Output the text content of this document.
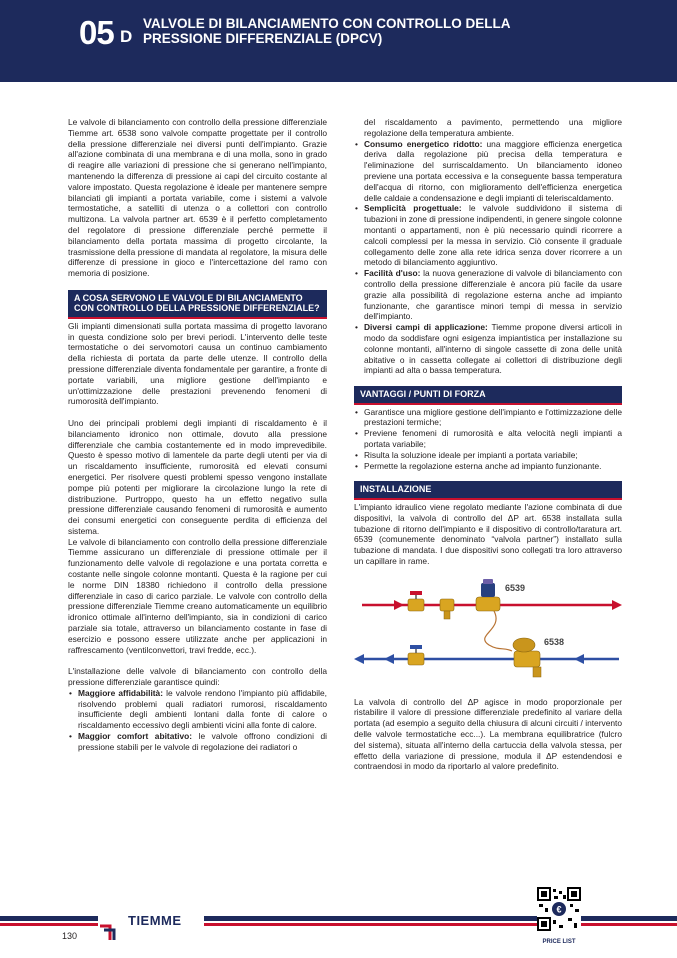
05 D
VALVOLE DI BILANCIAMENTO CON CONTROLLO DELLA PRESSIONE DIFFERENZIALE (DPCV)

Le valvole di bilanciamento con controllo della pressione differenziale Tiemme art. 6538 sono valvole compatte progettate per il controllo della pressione differenziale nei diversi punti dell'impianto. Grazie all'azione combinata di una membrana e di una molla, sono in grado di reagire alle variazioni di pressione che si generano nell'impianto, mantenendo la differenza di pressione ai capi del circuito costante al valore impostato. Questa regolazione è ideale per mantenere sempre bilanciati gli impianti a portata variabile, come i sistemi a valvole termostatiche, a satelliti di utenza o a collettori con controllo multizona. La valvola partner art. 6539 è il perfetto completamento del regolatore di pressione differenziale perché permette il bilanciamento della portata massima di progetto circolante, la trasmissione della pressione di mandata al regolatore, la misura delle differenze di pressione in gioco e l'intercettazione del ramo con memoria di posizione.

A COSA SERVONO LE VALVOLE DI BILANCIAMENTO CON CONTROLLO DELLA PRESSIONE DIFFERENZIALE?

Gli impianti dimensionati sulla portata massima di progetto lavorano in questa condizione solo per brevi periodi. L'intervento delle teste termostatiche o dei servomotori causa un continuo cambiamento della richiesta di portata da parte delle utenze. Il controllo della pressione differenziale diventa fondamentale per garantire, a fronte di portate variabili, una migliore gestione dell'impianto e un'ottimizzazione delle prestazioni prevenendo fenomeni di rumorosità dell'impianto.

Uno dei principali problemi degli impianti di riscaldamento è il bilanciamento idronico non ottimale, dovuto alla pressione differenziale che cambia costantemente ed in modo imprevedibile. Questo è spesso motivo di lamentele da parte degli utenti per via di un riscaldamento insufficiente, rumorosità ed elevati consumi energetici. Per risolvere questi problemi spesso vengono installate pompe più potenti per migliorare la circolazione lungo la rete di distribuzione. Purtroppo, questo ha un effetto negativo sulla pressione differenziale causando fenomeni di rumorosità e aumento dei consumi energetici con conseguente perdita di efficienza del sistema.

Le valvole di bilanciamento con controllo della pressione differenziale Tiemme assicurano un differenziale di pressione ottimale per il funzionamento delle valvole di regolazione e una portata corretta e costante nelle singole colonne montanti. Questa è la ragione per cui le norme DIN 18380 richiedono il controllo della pressione differenziale in caso di carico parziale. Le valvole con controllo della pressione differenziale Tiemme creano automaticamente un equilibrio idronico ottimale all'interno dell'impianto, sia in condizioni di carico parziale sia totale, attraverso un bilanciamento costante in fase di esercizio e possono essere utilizzate anche per applicazioni in raffrescamento (ventilconvettori, travi fredde, ecc.).

L'installazione delle valvole di bilanciamento con controllo della pressione differenziale garantisce quindi:

• Maggiore affidabilità: le valvole rendono l'impianto più affidabile, risolvendo problemi quali radiatori rumorosi, riscaldamento insufficiente degli ambienti lontani dalla fonte di calore o riscaldamento eccessivo degli ambienti vicini alla fonte di calore.
• Maggior comfort abitativo: le valvole offrono condizioni di pressione stabili per le valvole di regolazione dei radiatori o

del riscaldamento a pavimento, permettendo una migliore regolazione della temperatura ambiente.

• Consumo energetico ridotto: una maggiore efficienza energetica deriva dalla regolazione più precisa della temperatura e l'eliminazione del surriscaldamento. Un bilanciamento idoneo previene una portata eccessiva e la conseguente bassa temperatura dell'acqua di ritorno, con miglioramento dell'efficienza energetica delle caldaie a condensazione e degli impianti di teleriscaldamento.
• Semplicità progettuale: le valvole suddividono il sistema di tubazioni in zone di pressione indipendenti, in genere singole colonne montanti o appartamenti, non è più necessario quindi ricorrere a calcoli complessi per la messa in servizio. Ciò consente il graduale collegamento delle zone alla rete idrica senza dover ricorrere a un metodo di bilanciamento aggiuntivo.
• Facilità d'uso: la nuova generazione di valvole di bilanciamento con controllo della pressione differenziale è ancora più facile da usare grazie alla possibilità di regolazione esterna anche ad impianto funzionante, che garantisce minori tempi di messa in servizio dell'impianto.
• Diversi campi di applicazione: Tiemme propone diversi articoli in modo da soddisfare ogni esigenza impiantistica per installazione su colonne montanti, all'interno di singole cassette di zona delle unità abitative o in cassetta collegate ai collettori di distribuzione degli impianti ad alta o bassa temperatura.
VANTAGGI / PUNTI DI FORZA
• Garantisce una migliore gestione dell'impianto e l'ottimizzazione delle prestazioni termiche;
• Previene fenomeni di rumorosità e alta velocità negli impianti a portata variabile;
• Risulta la soluzione ideale per impianti a portata variabile;
• Permette la regolazione esterna anche ad impianto funzionante.
INSTALLAZIONE

L'impianto idraulico viene regolato mediante l'azione combinata di due dispositivi, la valvola di controllo del ΔP art. 6538 installata sulla tubazione di ritorno dell'impianto e il dispositivo di controllo/taratura art. 6539 (comunemente denominato “valvola partner”) installato sulla tubazione di mandata. I due dispositivi sono collegati tra loro attraverso un capillare in rame.

6539
6538

La valvola di controllo del ΔP agisce in modo proporzionale per ristabilire il valore di pressione differenziale predefinito al variare della portata (ad esempio a seguito della chiusura di alcuni circuiti / intervento delle valvole termostatiche ecc...). La membrana equilibratrice (fulcro del sistema), situata all'interno della cartuccia della valvola stessa, per effetto della variazione di pressione, modula il ΔP estendendosi e contraendosi in modo da riportarlo al valore predefinito.

TIEMME
130
€
PRICE LIST
